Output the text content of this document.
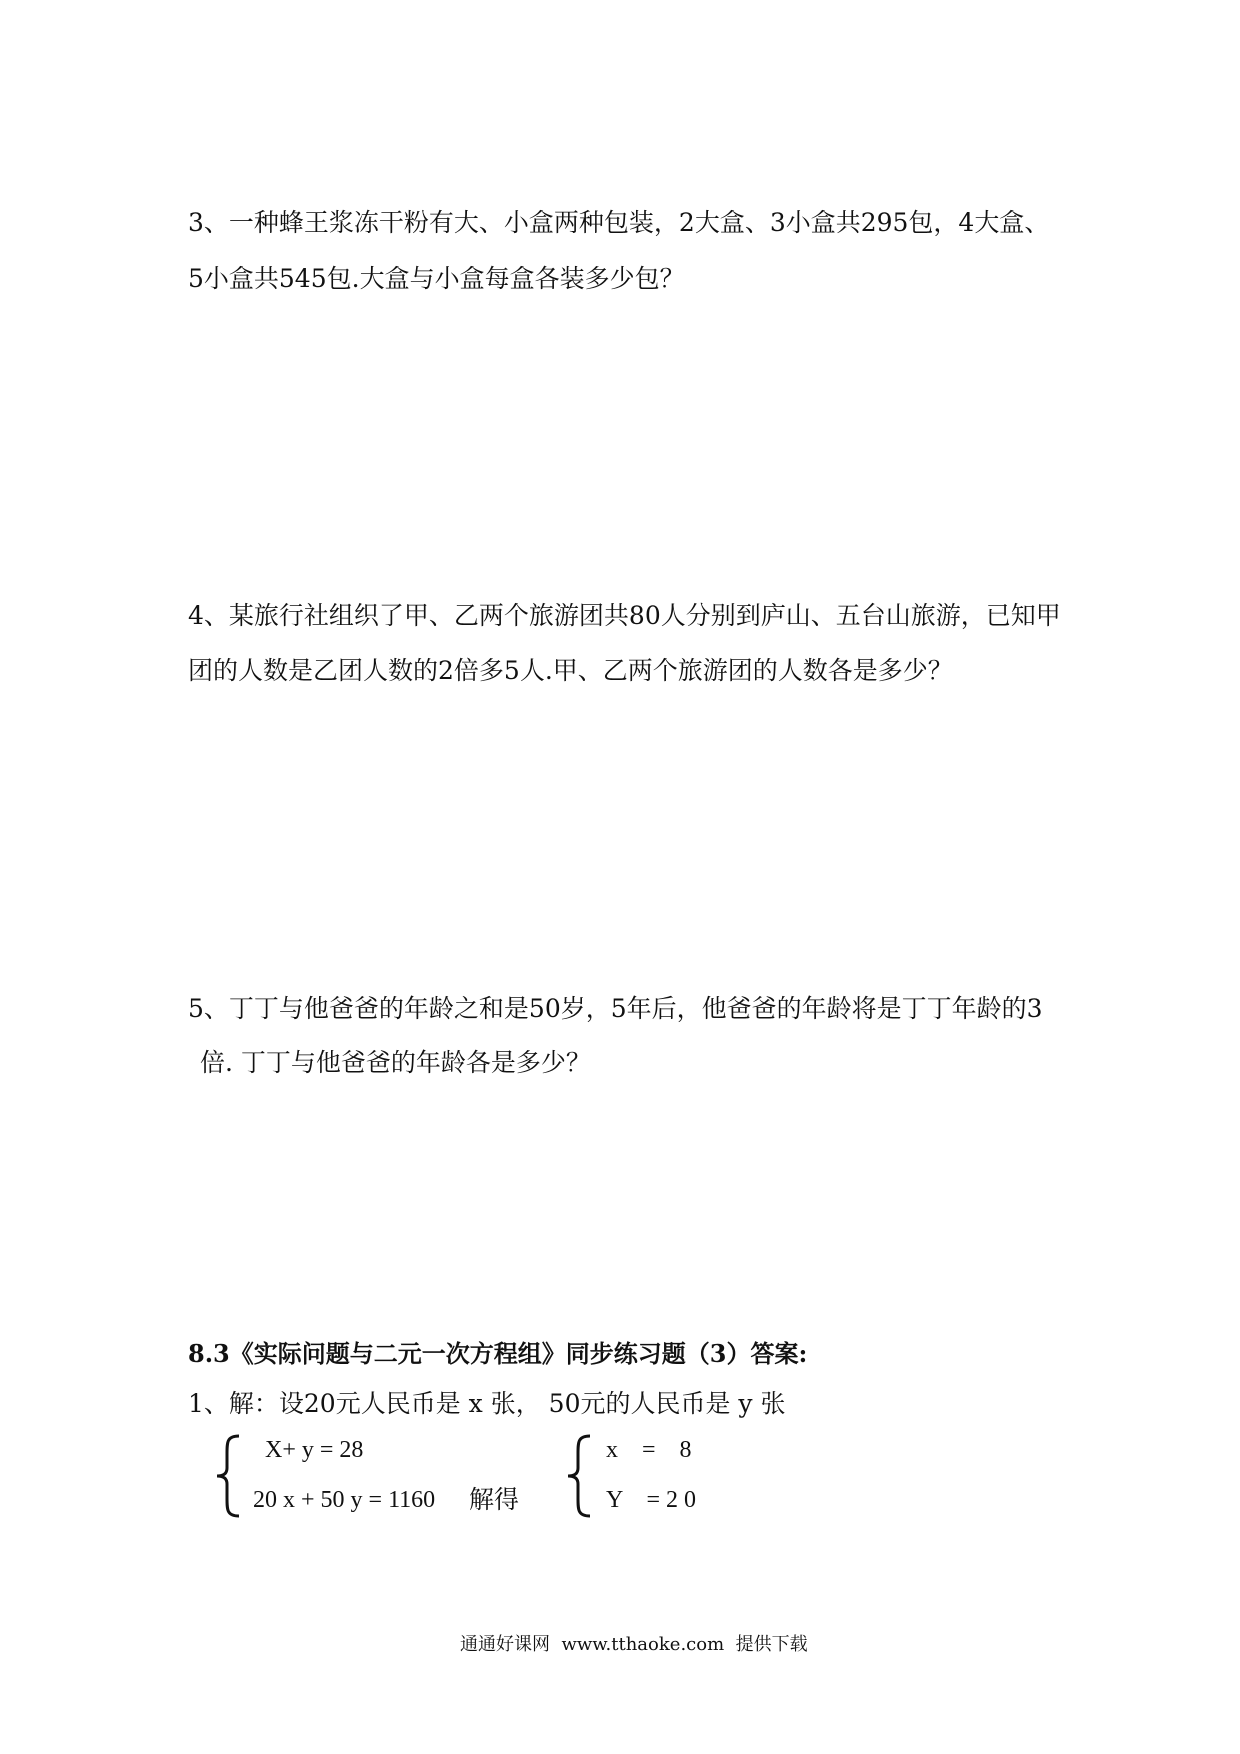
3、一种蜂王浆冻干粉有大、小盒两种包装，2大盒、3小盒共295包，4大盒、
5小盒共545包.大盒与小盒每盒各装多少包？
4、某旅行社组织了甲、乙两个旅游团共80人分别到庐山、五台山旅游，已知甲
团的人数是乙团人数的2倍多5人.甲、乙两个旅游团的人数各是多少？
5、丁丁与他爸爸的年龄之和是50岁，5年后，他爸爸的年龄将是丁丁年龄的3
倍. 丁丁与他爸爸的年龄各是多少？
8.3《实际问题与二元一次方程组》同步练习题（3）答案:
1、解：设20元人民币是 x 张， 50元的人民币是 y 张
X+ y = 28
20 x + 50 y = 1160 解得
x    =    8
Y    = 2 0
通通好课网  www.tthaoke.com  提供下载
